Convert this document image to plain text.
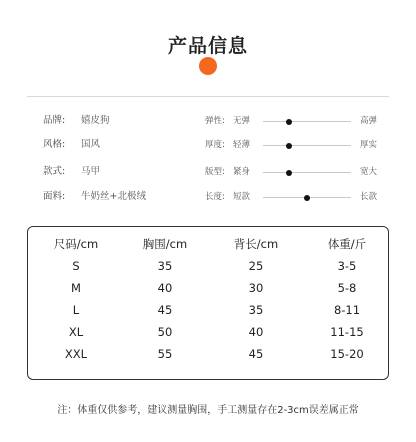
产品信息
品牌: 嬉皮狗
风格: 国风
款式: 马甲
面料: 牛奶丝+北极绒
弹性: 无弹	高弹
厚度: 轻薄	厚实
版型: 紧身	宽大
长度: 短款	长款
尺码/cm	胸围/cm	背长/cm	体重/斤
S	35	25	3-5
M	40	30	5-8
L	45	35	8-11
XL	50	40	11-15
XXL	55	45	15-20
注：体重仅供参考，建议测量胸围，手工测量存在2-3cm误差属正常
